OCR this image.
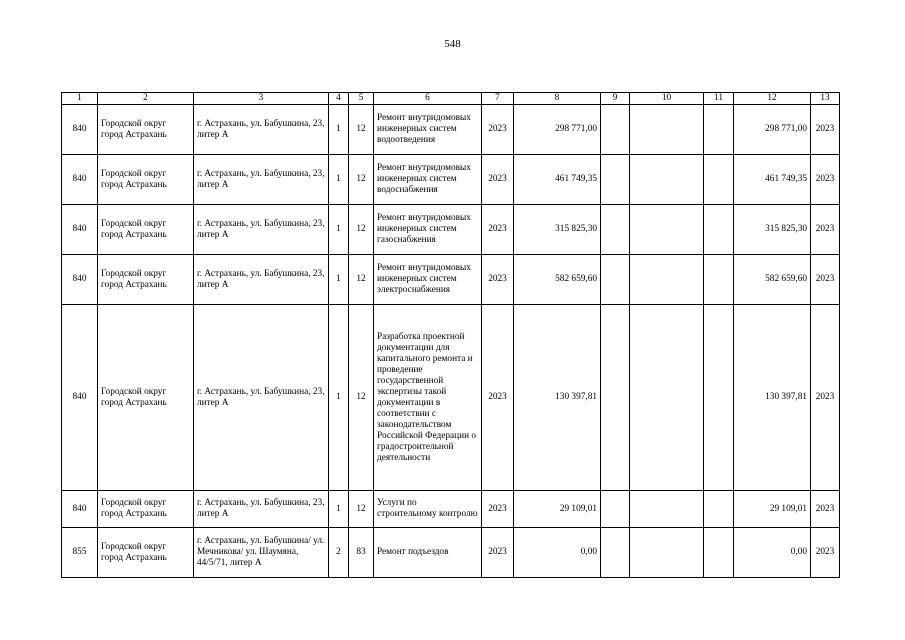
548
1	2	3	4	5	6	7	8	9	10	11	12	13
840	Городской округ город Астрахань	г. Астрахань, ул. Бабушкина, 23, литер А	1	12	Ремонт внутридомовых инженерных систем водоотведения	2023	298 771,00				298 771,00	2023
840	Городской округ город Астрахань	г. Астрахань, ул. Бабушкина, 23, литер А	1	12	Ремонт внутридомовых инженерных систем водоснабжения	2023	461 749,35				461 749,35	2023
840	Городской округ город Астрахань	г. Астрахань, ул. Бабушкина, 23, литер А	1	12	Ремонт внутридомовых инженерных систем газоснабжения	2023	315 825,30				315 825,30	2023
840	Городской округ город Астрахань	г. Астрахань, ул. Бабушкина, 23, литер А	1	12	Ремонт внутридомовых инженерных систем электроснабжения	2023	582 659,60				582 659,60	2023
840	Городской округ город Астрахань	г. Астрахань, ул. Бабушкина, 23, литер А	1	12	Разработка проектной документации для капитального ремонта и проведение государственной экспертизы такой документации в соответствии с законодательством Российской Федерации о градостроительной деятельности	2023	130 397,81				130 397,81	2023
840	Городской округ город Астрахань	г. Астрахань, ул. Бабушкина, 23, литер А	1	12	Услуги по строительному контролю	2023	29 109,01				29 109,01	2023
855	Городской округ город Астрахань	г. Астрахань, ул. Бабушкина/ ул. Мечникова/ ул. Шаумяна, 44/5/71, литер А	2	83	Ремонт подъездов	2023	0,00				0,00	2023
